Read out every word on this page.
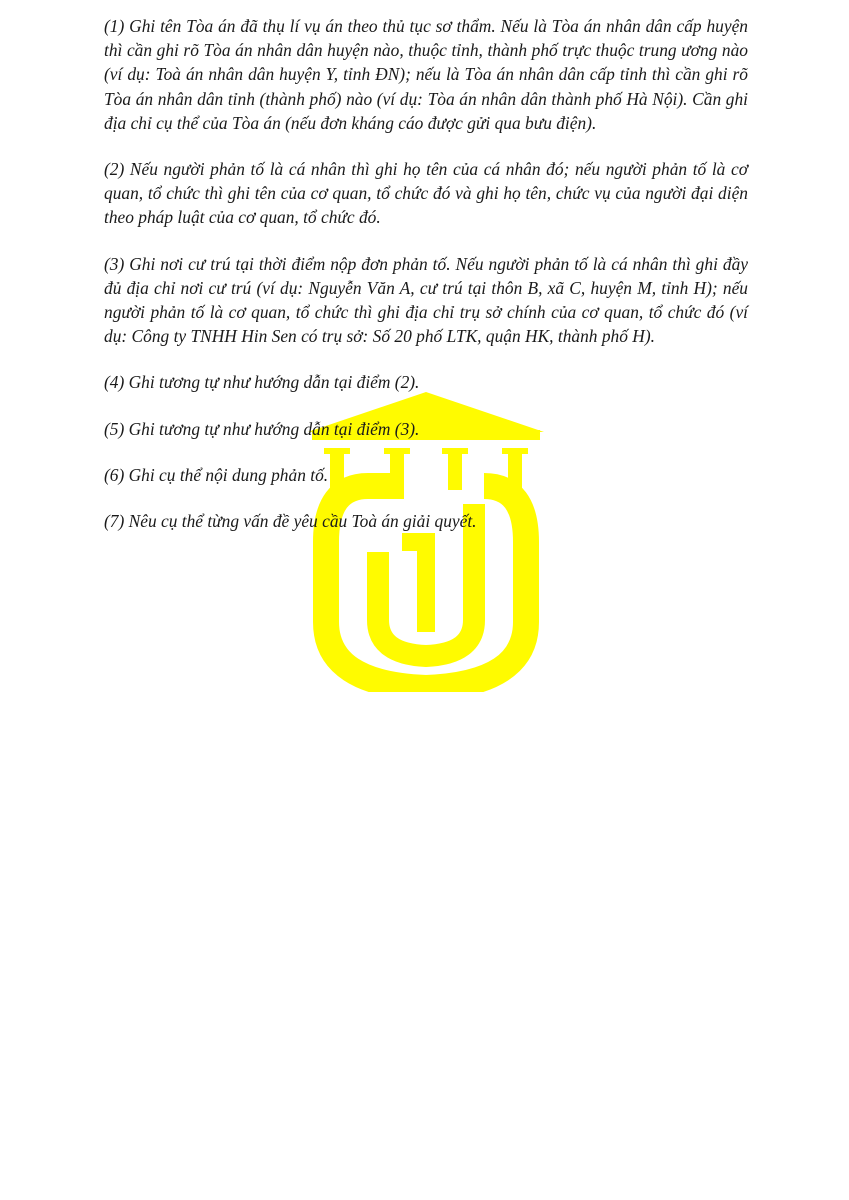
(1) Ghi tên Tòa án đã thụ lí vụ án theo thủ tục sơ thẩm. Nếu là Tòa án nhân dân cấp huyện thì cần ghi rõ Tòa án nhân dân huyện nào, thuộc tỉnh, thành phố trực thuộc trung ương nào (ví dụ: Toà án nhân dân huyện Y, tỉnh ĐN); nếu là Tòa án nhân dân cấp tỉnh thì cần ghi rõ Tòa án nhân dân tỉnh (thành phố) nào (ví dụ: Tòa án nhân dân thành phố Hà Nội). Cần ghi địa chỉ cụ thể của Tòa án (nếu đơn kháng cáo được gửi qua bưu điện).

(2) Nếu người phản tố là cá nhân thì ghi họ tên của cá nhân đó; nếu người phản tố là cơ quan, tổ chức thì ghi tên của cơ quan, tổ chức đó và ghi họ tên, chức vụ của người đại diện theo pháp luật của cơ quan, tổ chức đó.

(3) Ghi nơi cư trú tại thời điểm nộp đơn phản tố. Nếu người phản tố là cá nhân thì ghi đầy đủ địa chỉ nơi cư trú (ví dụ: Nguyễn Văn A, cư trú tại thôn B, xã C, huyện M, tỉnh H); nếu người phản tố là cơ quan, tổ chức thì ghi địa chỉ trụ sở chính của cơ quan, tổ chức đó (ví dụ: Công ty TNHH Hin Sen có trụ sở: Số 20 phố LTK, quận HK, thành phố H).

(4) Ghi tương tự như hướng dẫn tại điểm (2).

(5) Ghi tương tự như hướng dẫn tại điểm (3).

(6) Ghi cụ thể nội dung phản tố.

(7) Nêu cụ thể từng vấn đề yêu cầu Toà án giải quyết.
